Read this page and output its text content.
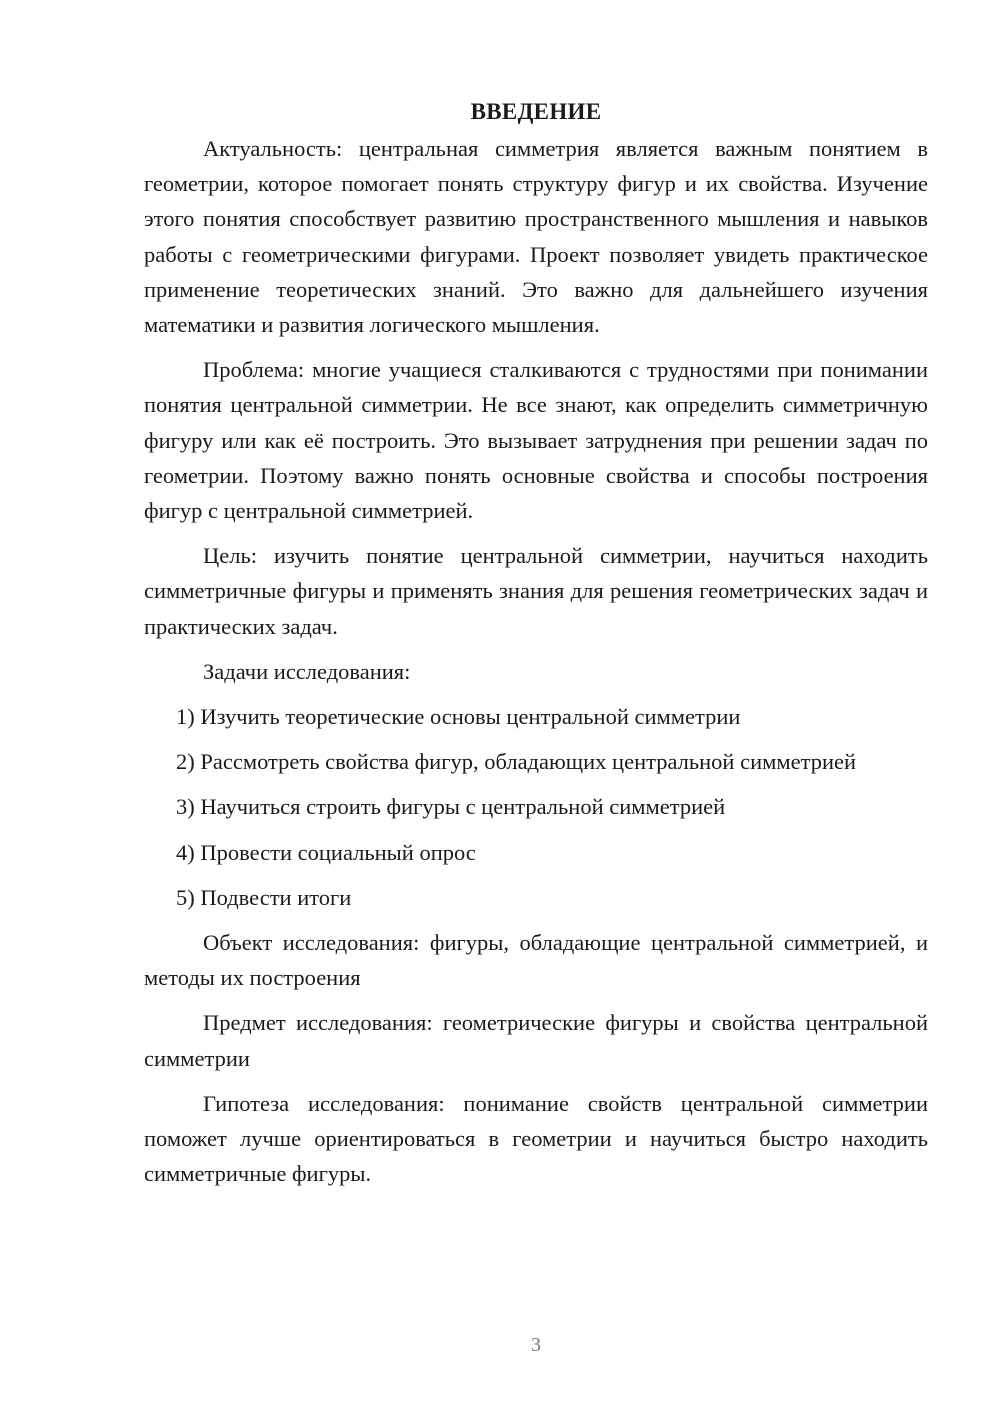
ВВЕДЕНИЕ

Актуальность: центральная симметрия является важным понятием в геометрии, которое помогает понять структуру фигур и их свойства. Изучение этого понятия способствует развитию пространственного мышления и навыков работы с геометрическими фигурами. Проект позволяет увидеть практическое применение теоретических знаний. Это важно для дальнейшего изучения математики и развития логического мышления.

Проблема: многие учащиеся сталкиваются с трудностями при понимании понятия центральной симметрии. Не все знают, как определить симметричную фигуру или как её построить. Это вызывает затруднения при решении задач по геометрии. Поэтому важно понять основные свойства и способы построения фигур с центральной симметрией.

Цель: изучить понятие центральной симметрии, научиться находить симметричные фигуры и применять знания для решения геометрических задач и практических задач.

Задачи исследования:

1) Изучить теоретические основы центральной симметрии
2) Рассмотреть свойства фигур, обладающих центральной симметрией
3) Научиться строить фигуры с центральной симметрией
4) Провести социальный опрос
5) Подвести итоги

Объект исследования: фигуры, обладающие центральной симметрией, и методы их построения

Предмет исследования: геометрические фигуры и свойства центральной симметрии

Гипотеза исследования: понимание свойств центральной симметрии поможет лучше ориентироваться в геометрии и научиться быстро находить симметричные фигуры.

3
